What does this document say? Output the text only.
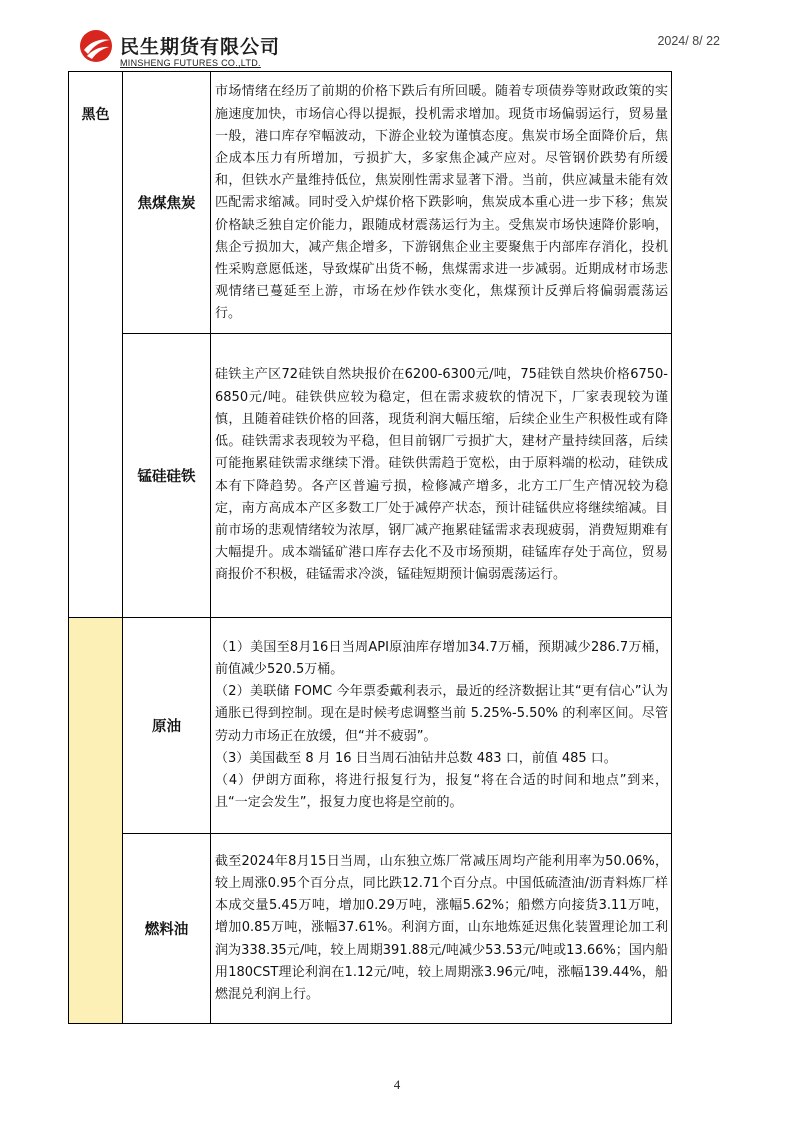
民生期货有限公司
MINSHENG FUTURES CO.,LTD.
2024/ 8/ 22
黑色	焦煤焦炭	市场情绪在经历了前期的价格下跌后有所回暖。随着专项债券等财政政策的实施速度加快，市场信心得以提振，投机需求增加。现货市场偏弱运行，贸易量一般，港口库存窄幅波动，下游企业较为谨慎态度。焦炭市场全面降价后，焦企成本压力有所增加，亏损扩大，多家焦企减产应对。尽管钢价跌势有所缓和，但铁水产量维持低位，焦炭刚性需求显著下滑。当前，供应减量未能有效匹配需求缩减。同时受入炉煤价格下跌影响，焦炭成本重心进一步下移；焦炭价格缺乏独自定价能力，跟随成材震荡运行为主。受焦炭市场快速降价影响，焦企亏损加大，减产焦企增多，下游钢焦企业主要聚焦于内部库存消化，投机性采购意愿低迷，导致煤矿出货不畅，焦煤需求进一步减弱。近期成材市场悲观情绪已蔓延至上游，市场在炒作铁水变化，焦煤预计反弹后将偏弱震荡运行。

	锰硅硅铁	硅铁主产区72硅铁自然块报价在6200-6300元/吨，75硅铁自然块价格6750-6850元/吨。硅铁供应较为稳定，但在需求疲软的情况下，厂家表现较为谨慎，且随着硅铁价格的回落，现货利润大幅压缩，后续企业生产积极性或有降低。硅铁需求表现较为平稳，但目前钢厂亏损扩大，建材产量持续回落，后续可能拖累硅铁需求继续下滑。硅铁供需趋于宽松，由于原料端的松动，硅铁成本有下降趋势。各产区普遍亏损，检修减产增多，北方工厂生产情况较为稳定，南方高成本产区多数工厂处于减停产状态，预计硅锰供应将继续缩减。目前市场的悲观情绪较为浓厚，钢厂减产拖累硅锰需求表现疲弱，消费短期难有大幅提升。成本端锰矿港口库存去化不及市场预期，硅锰库存处于高位，贸易商报价不积极，硅锰需求冷淡，锰硅短期预计偏弱震荡运行。

	原油	（1）美国至8月16日当周API原油库存增加34.7万桶，预期减少286.7万桶，前值减少520.5万桶。

（2）美联储 FOMC 今年票委戴利表示，最近的经济数据让其“更有信心”认为通胀已得到控制。现在是时候考虑调整当前 5.25%-5.50% 的利率区间。尽管劳动力市场正在放缓，但“并不疲弱”。

（3）美国截至 8 月 16 日当周石油钻井总数 483 口，前值 485 口。

（4）伊朗方面称，将进行报复行为，报复“将在合适的时间和地点”到来，且“一定会发生”，报复力度也将是空前的。

	燃料油	截至2024年8月15日当周，山东独立炼厂常减压周均产能利用率为50.06%，较上周涨0.95个百分点，同比跌12.71个百分点。中国低硫渣油/沥青料炼厂样本成交量5.45万吨，增加0.29万吨，涨幅5.62%；船燃方向接货3.11万吨，增加0.85万吨，涨幅37.61%。利润方面，山东地炼延迟焦化装置理论加工利润为338.35元/吨，较上周期391.88元/吨减少53.53元/吨或13.66%；国内船用180CST理论利润在1.12元/吨，较上周期涨3.96元/吨，涨幅139.44%，船燃混兑利润上行。

4
